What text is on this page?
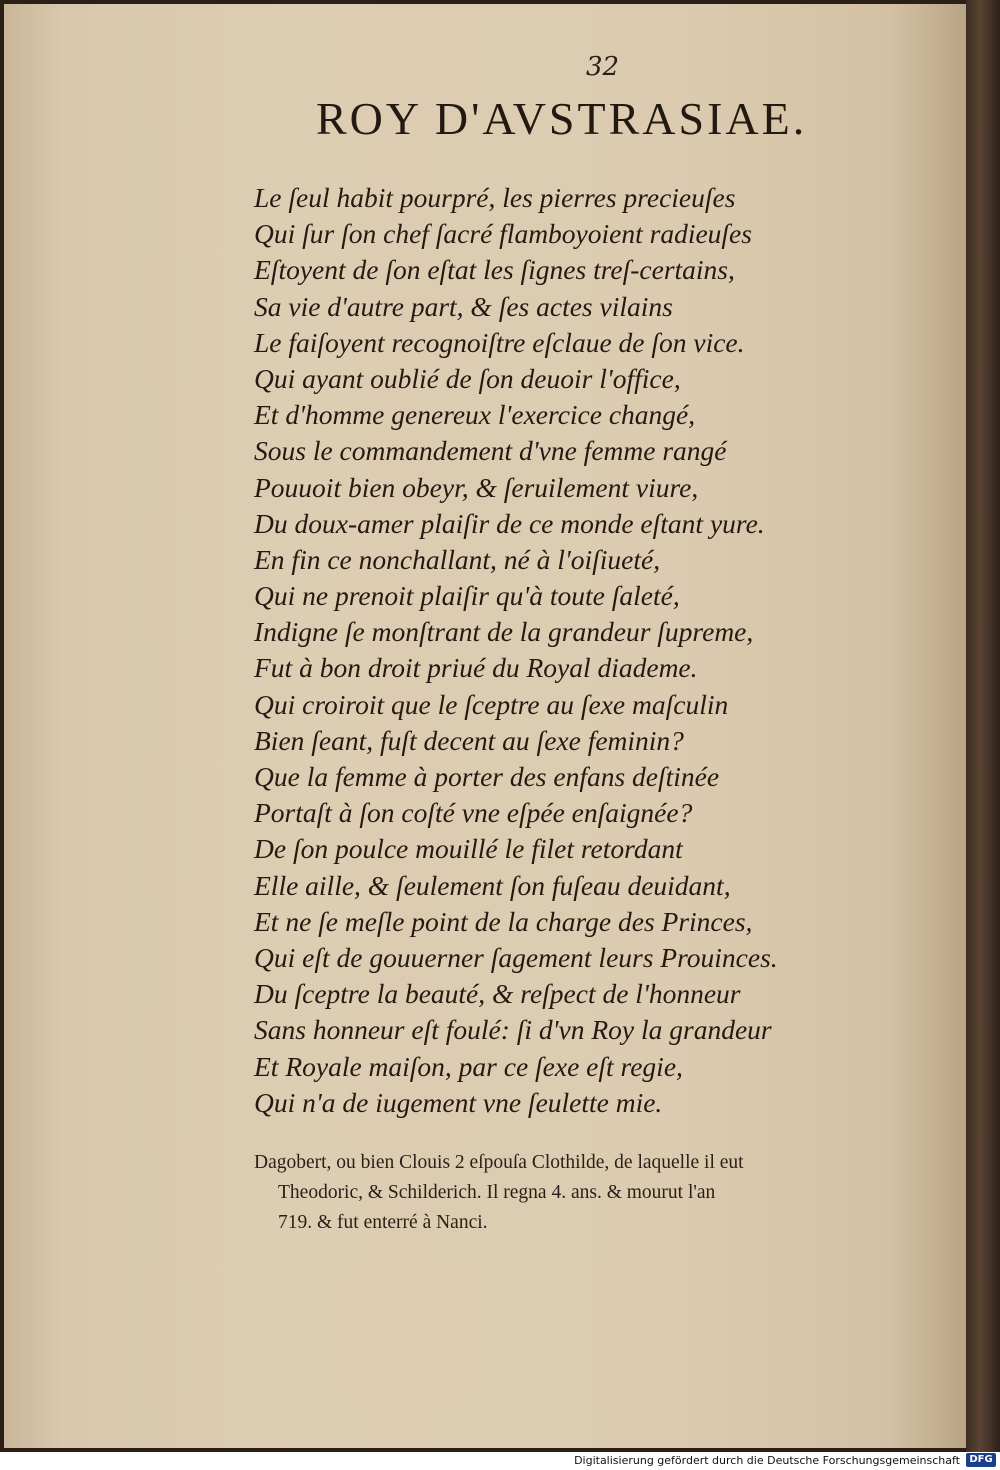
32
ROY D'AVSTRASIAE.
Le ſeul habit pourpré, les pierres precieuſes
Qui ſur ſon chef ſacré flamboyoient radieuſes
Eſtoyent de ſon eſtat les ſignes treſ-certains,
Sa vie d'autre part, & ſes actes vilains
Le faiſoyent recognoiſtre eſclaue de ſon vice.
Qui ayant oublié de ſon deuoir l'office,
Et d'homme genereux l'exercice changé,
Sous le commandement d'vne femme rangé
Pouuoit bien obeyr, & ſeruilement viure,
Du doux-amer plaiſir de ce monde eſtant yure.
En fin ce nonchallant, né à l'oiſiueté,
Qui ne prenoit plaiſir qu'à toute ſaleté,
Indigne ſe monſtrant de la grandeur ſupreme,
Fut à bon droit priué du Royal diademe.
Qui croiroit que le ſceptre au ſexe maſculin
Bien ſeant, fuſt decent au ſexe feminin?
Que la femme à porter des enfans deſtinée
Portaſt à ſon coſté vne eſpée enſaignée?
De ſon poulce mouillé le filet retordant
Elle aille, & ſeulement ſon fuſeau deuidant,
Et ne ſe meſle point de la charge des Princes,
Qui eſt de gouuerner ſagement leurs Prouinces.
Du ſceptre la beauté, & reſpect de l'honneur
Sans honneur eſt foulé: ſi d'vn Roy la grandeur
Et Royale maiſon, par ce ſexe eſt regie,
Qui n'a de iugement vne ſeulette mie.
Dagobert, ou bien Clouis 2 eſpouſa Clothilde, de laquelle il eut
Theodoric, & Schilderich. Il regna 4. ans. & mourut l'an
719. & fut enterré à Nanci.
Digitalisierung gefördert durch die Deutsche Forschungsgemeinschaft DFG
